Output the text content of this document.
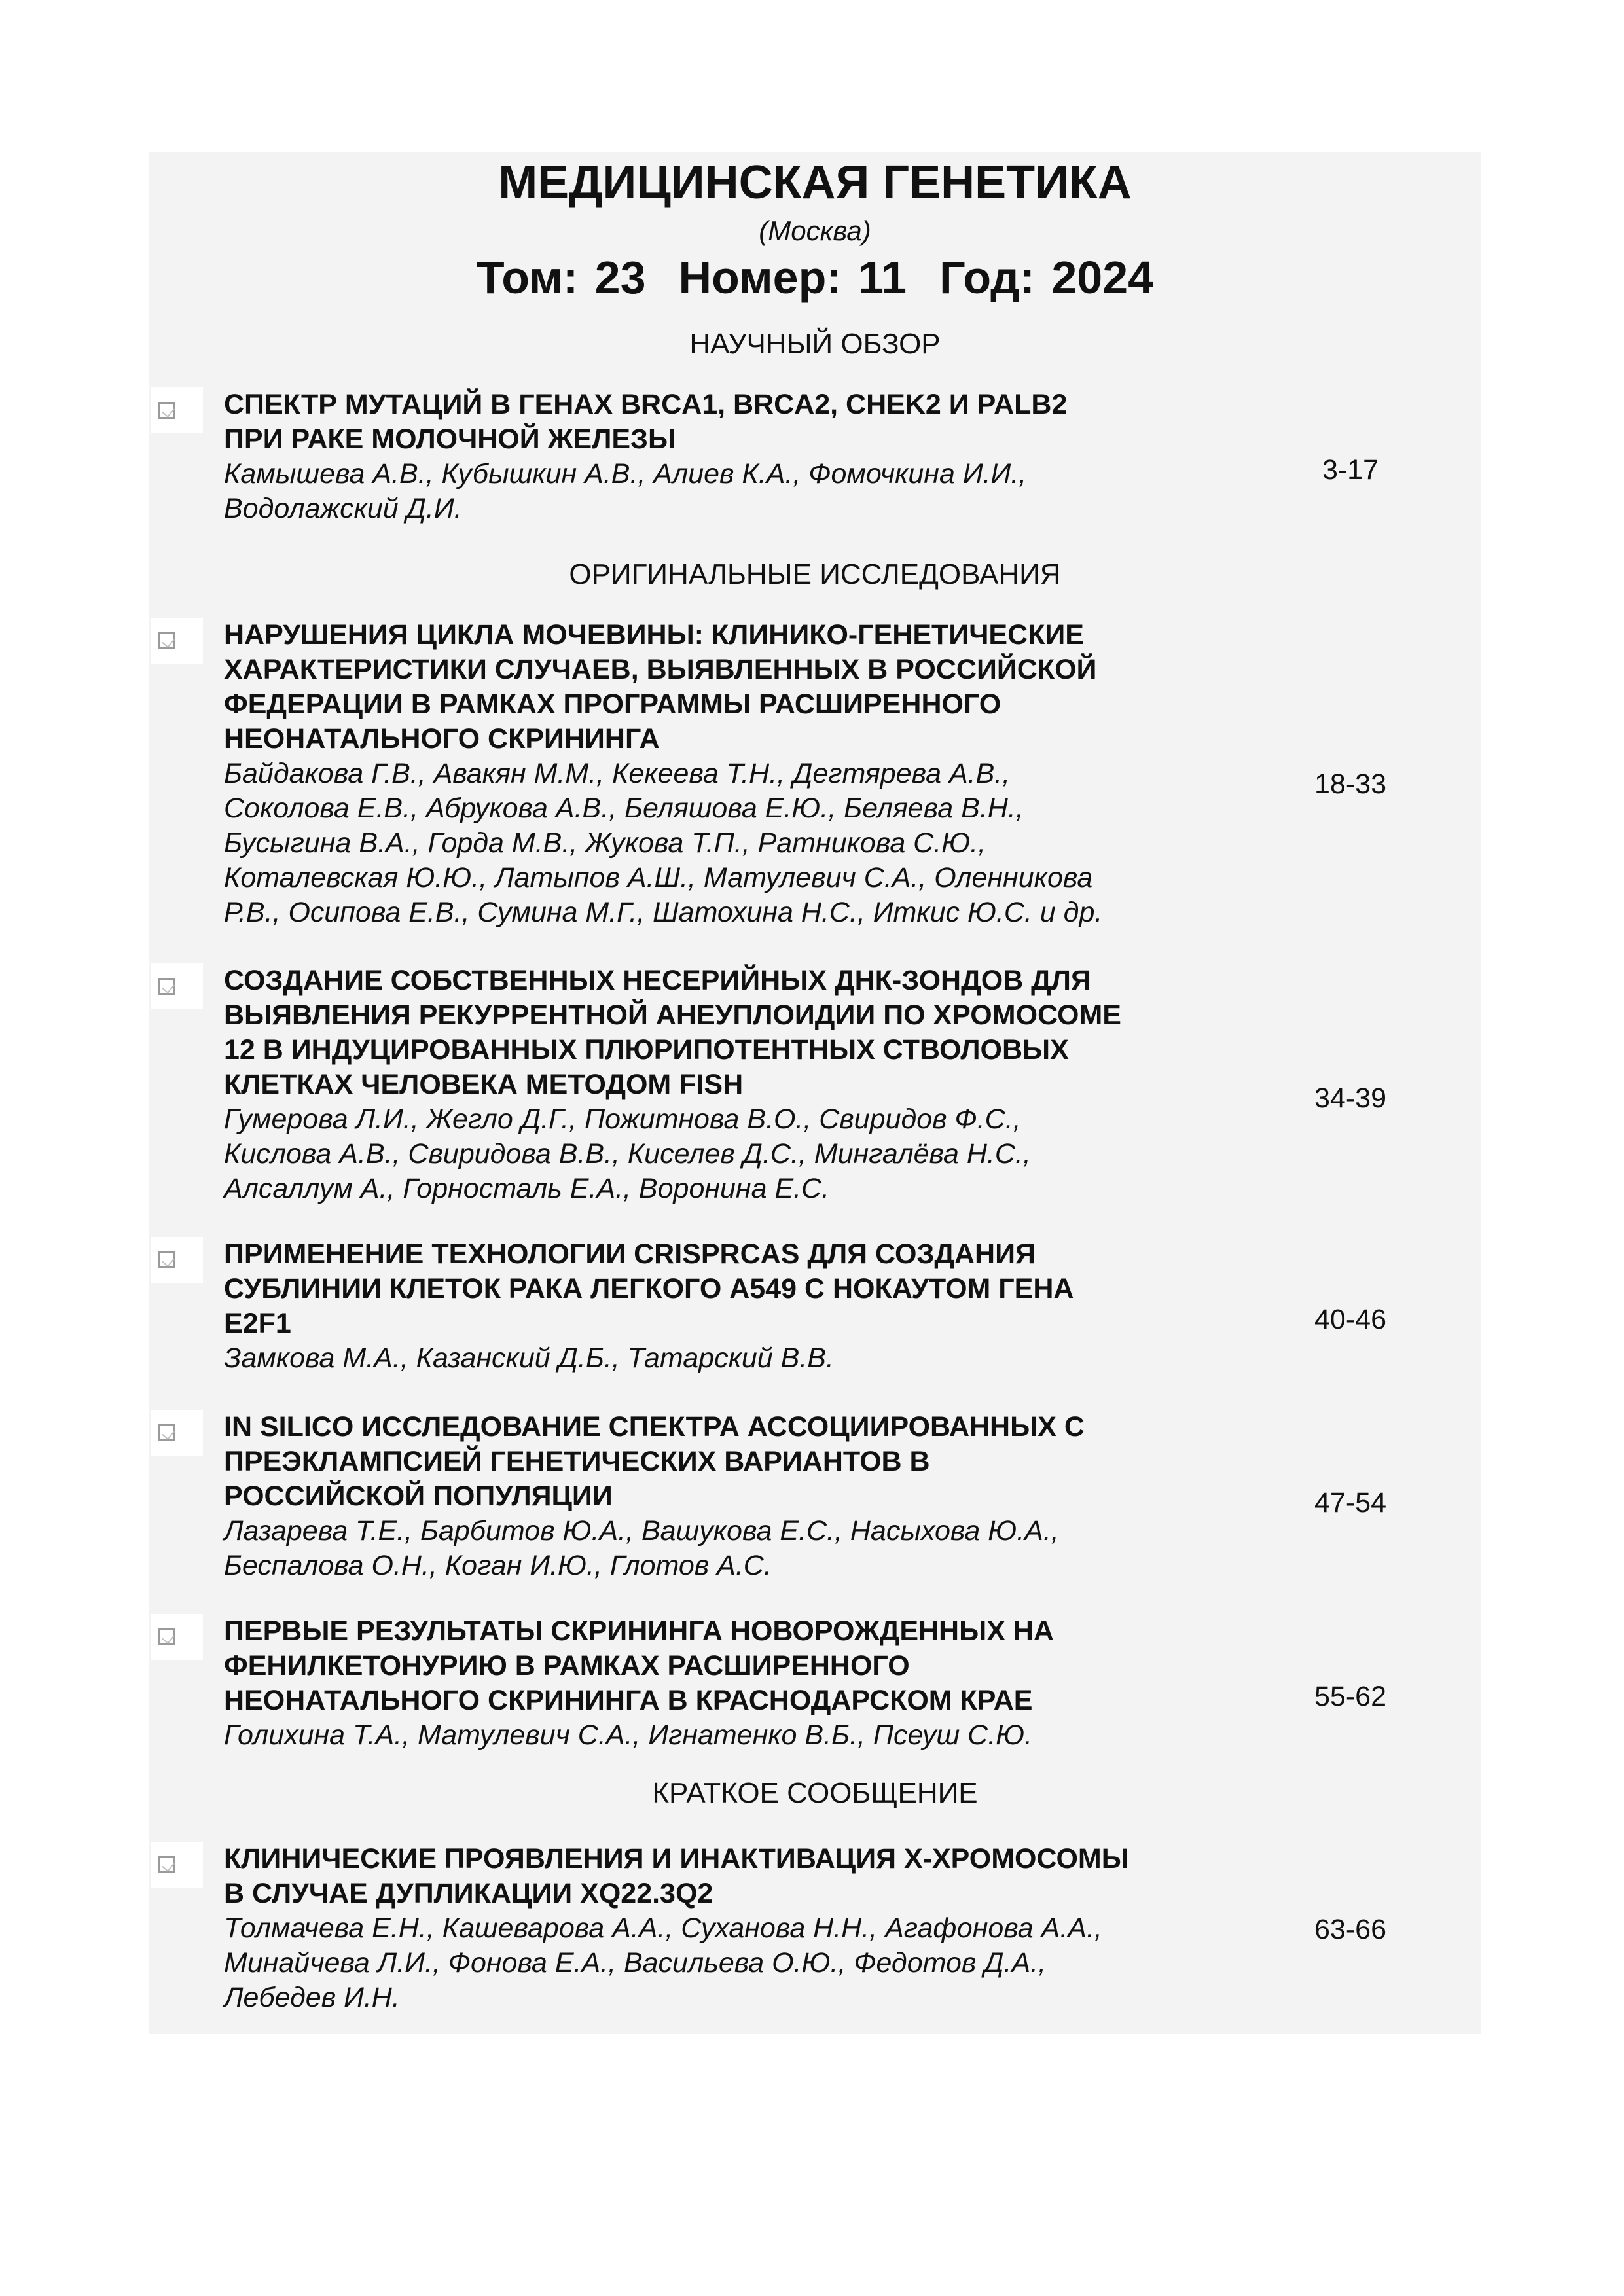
МЕДИЦИНСКАЯ ГЕНЕТИКА
(Москва)
Том: 23 Номер: 11 Год: 2024
НАУЧНЫЙ ОБЗОР
СПЕКТР МУТАЦИЙ В ГЕНАХ BRCA1, BRCA2, CHEK2 И PALB2
ПРИ РАКЕ МОЛОЧНОЙ ЖЕЛЕЗЫ
Камышева А.В., Кубышкин А.В., Алиев К.А., Фомочкина И.И.,
Водолажский Д.И.
3-17
ОРИГИНАЛЬНЫЕ ИССЛЕДОВАНИЯ
НАРУШЕНИЯ ЦИКЛА МОЧЕВИНЫ: КЛИНИКО-ГЕНЕТИЧЕСКИЕ
ХАРАКТЕРИСТИКИ СЛУЧАЕВ, ВЫЯВЛЕННЫХ В РОССИЙСКОЙ
ФЕДЕРАЦИИ В РАМКАХ ПРОГРАММЫ РАСШИРЕННОГО
НЕОНАТАЛЬНОГО СКРИНИНГА
Байдакова Г.В., Авакян М.М., Кекеева Т.Н., Дегтярева А.В.,
Соколова Е.В., Абрукова А.В., Беляшова Е.Ю., Беляева В.Н.,
Бусыгина В.А., Горда М.В., Жукова Т.П., Ратникова С.Ю.,
Коталевская Ю.Ю., Латыпов А.Ш., Матулевич С.А., Оленникова
Р.В., Осипова Е.В., Сумина М.Г., Шатохина Н.С., Иткис Ю.С. и др.
18-33
СОЗДАНИЕ СОБСТВЕННЫХ НЕСЕРИЙНЫХ ДНК-ЗОНДОВ ДЛЯ
ВЫЯВЛЕНИЯ РЕКУРРЕНТНОЙ АНЕУПЛОИДИИ ПО ХРОМОСОМЕ
12 В ИНДУЦИРОВАННЫХ ПЛЮРИПОТЕНТНЫХ СТВОЛОВЫХ
КЛЕТКАХ ЧЕЛОВЕКА МЕТОДОМ FISH
Гумерова Л.И., Жегло Д.Г., Пожитнова В.О., Свиридов Ф.С.,
Кислова А.В., Свиридова В.В., Киселев Д.С., Мингалёва Н.С.,
Алсаллум А., Горносталь Е.А., Воронина Е.С.
34-39
ПРИМЕНЕНИЕ ТЕХНОЛОГИИ CRISPRCAS ДЛЯ СОЗДАНИЯ
СУБЛИНИИ КЛЕТОК РАКА ЛЕГКОГО А549 С НОКАУТОМ ГЕНА
E2F1
Замкова М.А., Казанский Д.Б., Татарский В.В.
40-46
IN SILICO ИССЛЕДОВАНИЕ СПЕКТРА АССОЦИИРОВАННЫХ С
ПРЕЭКЛАМПСИЕЙ ГЕНЕТИЧЕСКИХ ВАРИАНТОВ В
РОССИЙСКОЙ ПОПУЛЯЦИИ
Лазарева Т.Е., Барбитов Ю.А., Вашукова Е.С., Насыхова Ю.А.,
Беспалова О.Н., Коган И.Ю., Глотов А.С.
47-54
ПЕРВЫЕ РЕЗУЛЬТАТЫ СКРИНИНГА НОВОРОЖДЕННЫХ НА
ФЕНИЛКЕТОНУРИЮ В РАМКАХ РАСШИРЕННОГО
НЕОНАТАЛЬНОГО СКРИНИНГА В КРАСНОДАРСКОМ КРАЕ
Голихина Т.А., Матулевич С.А., Игнатенко В.Б., Псеуш С.Ю.
55-62
КРАТКОЕ СООБЩЕНИЕ
КЛИНИЧЕСКИЕ ПРОЯВЛЕНИЯ И ИНАКТИВАЦИЯ X-ХРОМОСОМЫ
В СЛУЧАЕ ДУПЛИКАЦИИ XQ22.3Q2
Толмачева Е.Н., Кашеварова А.А., Суханова Н.Н., Агафонова А.А.,
Минайчева Л.И., Фонова Е.А., Васильева О.Ю., Федотов Д.А.,
Лебедев И.Н.
63-66
